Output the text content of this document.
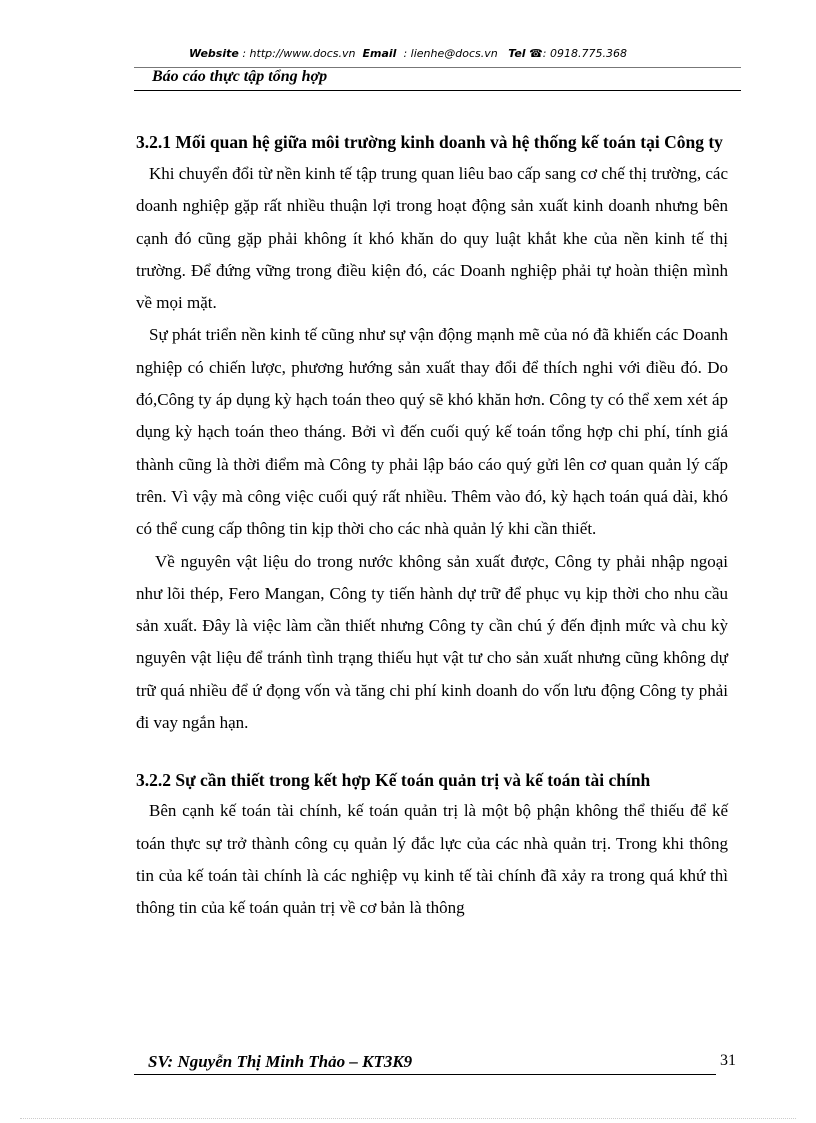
Website : http://www.docs.vn Email : lienhe@docs.vn Tel ☎: 0918.775.368
Báo cáo thực tập tổng hợp
3.2.1 Mối quan hệ giữa môi trường kinh doanh và hệ thống kế toán tại Công ty

Khi chuyển đổi từ nền kinh tế tập trung quan liêu bao cấp sang cơ chế thị trường, các doanh nghiệp gặp rất nhiều thuận lợi trong hoạt động sản xuất kinh doanh nhưng bên cạnh đó cũng gặp phải không ít khó khăn do quy luật khắt khe của nền kinh tế thị trường. Để đứng vững trong điều kiện đó, các Doanh nghiệp phải tự hoàn thiện mình về mọi mặt.

Sự phát triển nền kinh tế cũng như sự vận động mạnh mẽ của nó đã khiến các Doanh nghiệp có chiến lược, phương hướng sản xuất thay đổi để thích nghi với điều đó. Do đó,Công ty áp dụng kỳ hạch toán theo quý sẽ khó khăn hơn. Công ty có thể xem xét áp dụng kỳ hạch toán theo tháng. Bởi vì đến cuối quý kế toán tổng hợp chi phí, tính giá thành cũng là thời điểm mà Công ty phải lập báo cáo quý gửi lên cơ quan quản lý cấp trên. Vì vậy mà công việc cuối quý rất nhiều. Thêm vào đó, kỳ hạch toán quá dài, khó có thể cung cấp thông tin kịp thời cho các nhà quản lý khi cần thiết.

Về nguyên vật liệu do trong nước không sản xuất được, Công ty phải nhập ngoại như lõi thép, Fero Mangan, Công ty tiến hành dự trữ để phục vụ kịp thời cho nhu cầu sản xuất. Đây là việc làm cần thiết nhưng Công ty cần chú ý đến định mức và chu kỳ nguyên vật liệu để tránh tình trạng thiếu hụt vật tư cho sản xuất nhưng cũng không dự trữ quá nhiều để ứ đọng vốn và tăng chi phí kinh doanh do vốn lưu động Công ty phải đi vay ngắn hạn.

3.2.2 Sự cần thiết trong kết hợp Kế toán quản trị và kế toán tài chính

Bên cạnh kế toán tài chính, kế toán quản trị là một bộ phận không thể thiếu để kế toán thực sự trở thành công cụ quản lý đắc lực của các nhà quản trị. Trong khi thông tin của kế toán tài chính là các nghiệp vụ kinh tế tài chính đã xảy ra trong quá khứ thì thông tin của kế toán quản trị về cơ bản là thông

SV: Nguyễn Thị Minh Thảo – KT3K9	31
